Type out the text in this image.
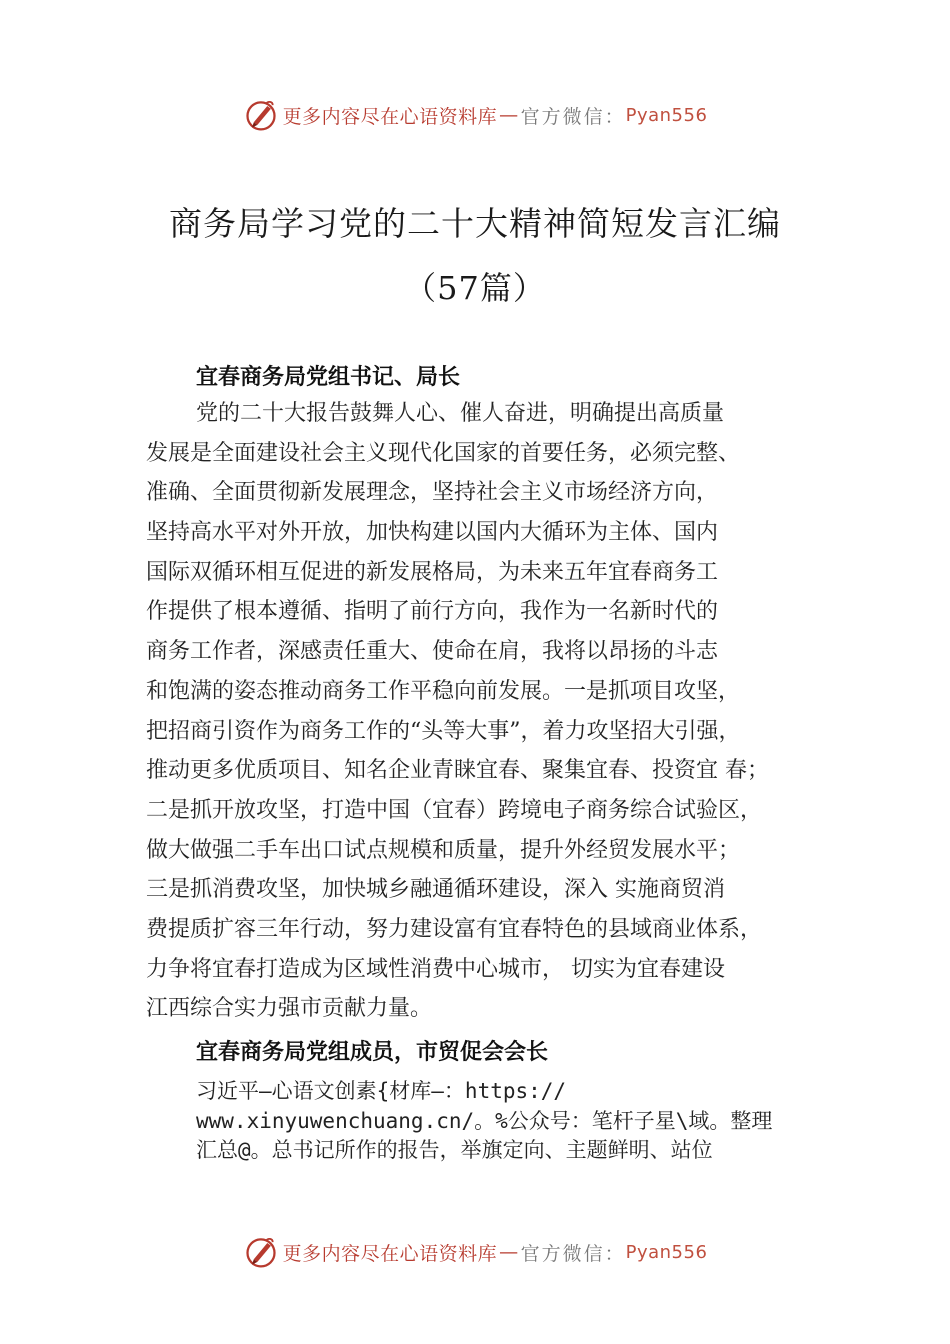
更多内容尽在心语资料库 — 官方微信： Pyan556
商务局学习党的二十大精神简短发言汇编
（57篇）
宜春商务局党组书记、局长
党的二十大报告鼓舞人心、催人奋进，明确提出高质量
发展是全面建设社会主义现代化国家的首要任务，必须完整、
准确、全面贯彻新发展理念，坚持社会主义市场经济方向，
坚持高水平对外开放，加快构建以国内大循环为主体、国内
国际双循环相互促进的新发展格局，为未来五年宜春商务工
作提供了根本遵循、指明了前行方向，我作为一名新时代的
商务工作者，深感责任重大、使命在肩，我将以昂扬的斗志
和饱满的姿态推动商务工作平稳向前发展。一是抓项目攻坚，
把招商引资作为商务工作的“头等大事”，着力攻坚招大引强，
推动更多优质项目、知名企业青睐宜春、聚集宜春、投资宜 春；
二是抓开放攻坚，打造中国（宜春）跨境电子商务综合试验区，
做大做强二手车出口试点规模和质量，提升外经贸发展水平；
三是抓消费攻坚，加快城乡融通循环建设，深入 实施商贸消
费提质扩容三年行动，努力建设富有宜春特色的县域商业体系，
力争将宜春打造成为区域性消费中心城市， 切实为宜春建设
江西综合实力强市贡献力量。
宜春商务局党组成员，市贸促会会长
习近平—心语文创素{材库—：https://
www.xinyuwenchuang.cn/。%公众号：笔杆子星\域。整理
汇总@。总书记所作的报告，举旗定向、主题鲜明、站位
更多内容尽在心语资料库 — 官方微信： Pyan556
